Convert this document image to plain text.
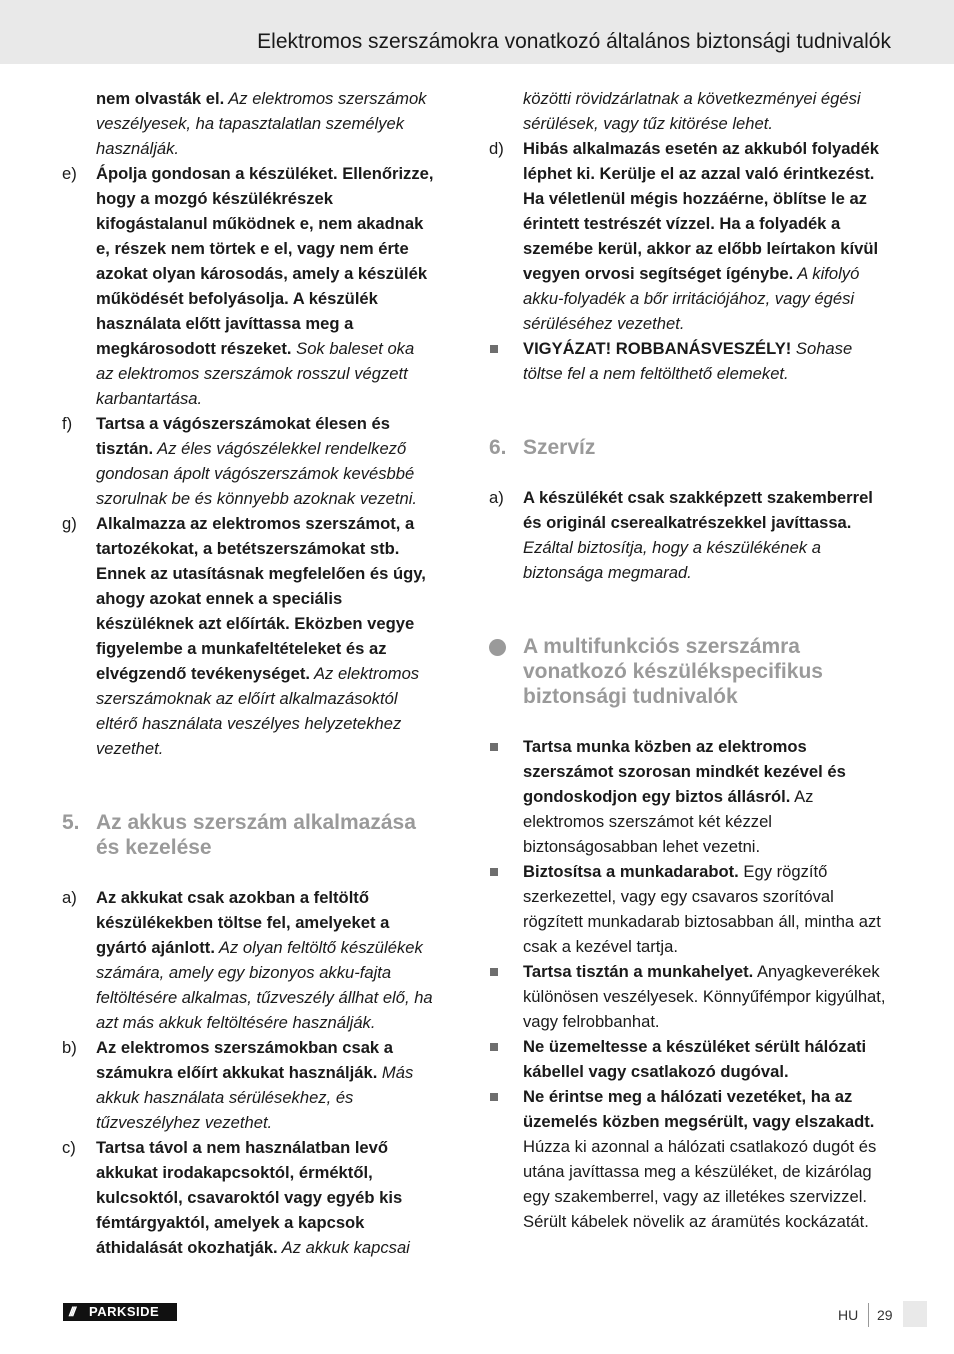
Elektromos szerszámokra vonatkozó általános biztonsági tudnivalók

nem olvasták el. Az elektromos szerszámok veszélyesek, ha tapasztalatlan személyek használják.

e) Ápolja gondosan a készüléket. Ellenőrizze, hogy a mozgó készülékrészek kifogástalanul működnek e, nem akadnak e, részek nem törtek e el, vagy nem érte azokat olyan károsodás, amely a készülék működését befolyásolja. A készülék használata előtt javíttassa meg a megkárosodott részeket. Sok baleset oka az elektromos szerszámok rosszul végzett karbantartása.

f) Tartsa a vágószerszámokat élesen és tisztán. Az éles vágószélekkel rendelkező gondosan ápolt vágószerszámok kevésbbé szorulnak be és könnyebb azoknak vezetni.

g) Alkalmazza az elektromos szerszámot, a tartozékokat, a betétszerszámokat stb. Ennek az utasításnak megfelelően és úgy, ahogy azokat ennek a speciális készüléknek azt előírták. Eközben vegye figyelembe a munkafeltételeket és az elvégzendő tevékenységet. Az elektromos szerszámoknak az előírt alkalmazásoktól eltérő használata veszélyes helyzetekhez vezethet.

5. Az akkus szerszám alkalmazása és kezelése

a) Az akkukat csak azokban a feltöltő készülékekben töltse fel, amelyeket a gyártó ajánlott. Az olyan feltöltő készülékek számára, amely egy bizonyos akku-fajta feltöltésére alkalmas, tűzveszély állhat elő, ha azt más akkuk feltöltésére használják.

b) Az elektromos szerszámokban csak a számukra előírt akkukat használják. Más akkuk használata sérülésekhez, és tűzveszélyhez vezethet.

c) Tartsa távol a nem használatban levő akkukat irodakapcsoktól, érméktől, kulcsoktól, csavaroktól vagy egyéb kis fémtárgyaktól, amelyek a kapcsok áthidalását okozhatják. Az akkuk kapcsai

közötti rövidzárlatnak a következményei égési sérülések, vagy tűz kitörése lehet.

d) Hibás alkalmazás esetén az akkuból folyadék léphet ki. Kerülje el az azzal való érintkezést. Ha véletlenül mégis hozzáérne, öblítse le az érintett testrészét vízzel. Ha a folyadék a szemébe kerül, akkor az előbb leírtakon kívül vegyen orvosi segítséget ígénybe. A kifolyó akku-folyadék a bőr irritációjához, vagy égési sérüléséhez vezethet.

VIGYÁZAT! ROBBANÁSVESZÉLY! Sohase töltse fel a nem feltölthető elemeket.

6. Szervíz

a) A készülékét csak szakképzett szakemberrel és originál cserealkatrészekkel javíttassa. Ezáltal biztosítja, hogy a készülékének a biztonsága megmarad.

A multifunkciós szerszámra vonatkozó készülékspecifikus biztonsági tudnivalók

Tartsa munka közben az elektromos szerszámot szorosan mindkét kezével és gondoskodjon egy biztos állásról. Az elektromos szerszámot két kézzel biztonságosabban lehet vezetni.

Biztosítsa a munkadarabot. Egy rögzítő szerkezettel, vagy egy csavaros szorítóval rögzített munkadarab biztosabban áll, mintha azt csak a kezével tartja.

Tartsa tisztán a munkahelyet. Anyagkeverékek különösen veszélyesek. Könnyűfémpor kigyúlhat, vagy felrobbanhat.

Ne üzemeltesse a készüléket sérült hálózati kábellel vagy csatlakozó dugóval.

Ne érintse meg a hálózati vezetéket, ha az üzemelés közben megsérült, vagy elszakadt. Húzza ki azonnal a hálózati csatlakozó dugót és utána javíttassa meg a készüléket, de kizárólag egy szakemberrel, vagy az illetékes szervizzel. Sérült kábelek növelik az áramütés kockázatát.

/// PARKSIDE	HU 29
